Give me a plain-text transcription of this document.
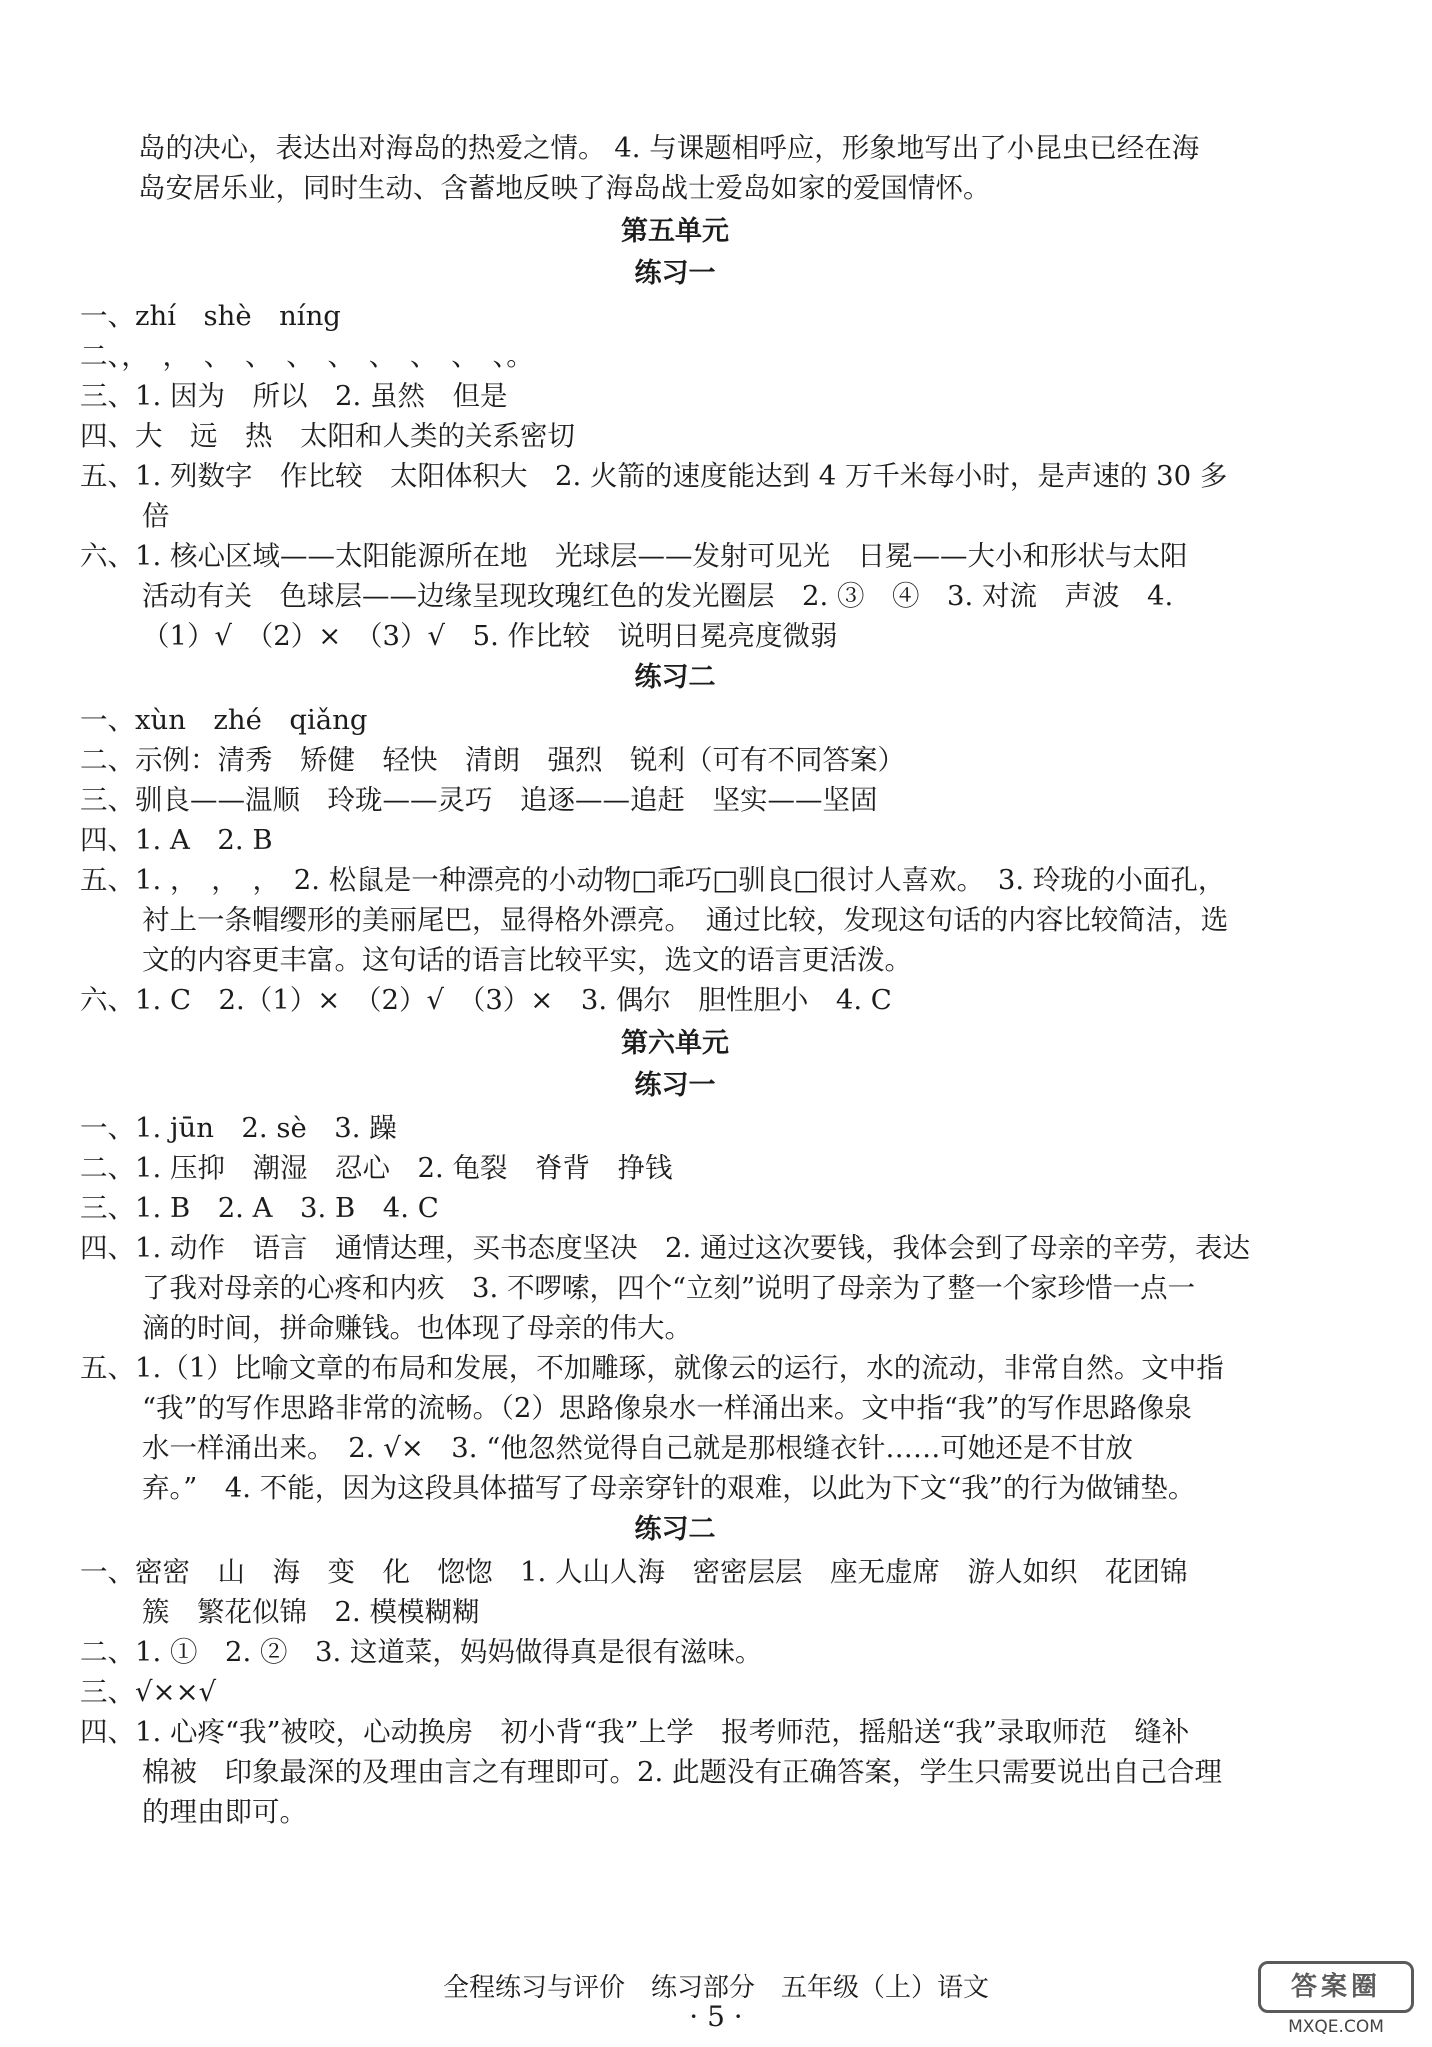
岛的决心，表达出对海岛的热爱之情。 4. 与课题相呼应，形象地写出了小昆虫已经在海
岛安居乐业，同时生动、含蓄地反映了海岛战士爱岛如家的爱国情怀。
第五单元
练习一
一、zhí　shè　níng
二、，　，　、　、　、　、　、　、　、　、。
三、1. 因为　所以　2. 虽然　但是
四、大　远　热　太阳和人类的关系密切
五、1. 列数字　作比较　太阳体积大　2. 火箭的速度能达到 4 万千米每小时，是声速的 30 多
倍
六、1. 核心区域——太阳能源所在地　光球层——发射可见光　日冕——大小和形状与太阳
活动有关　色球层——边缘呈现玫瑰红色的发光圈层　2. ③　④　3. 对流　声波　4.
（1）√　（2）×　（3）√　5. 作比较　说明日冕亮度微弱
练习二
一、xùn　zhé　qiǎng
二、示例：清秀　矫健　轻快　清朗　强烈　锐利（可有不同答案）
三、驯良——温顺　玲珑——灵巧　追逐——追赶　坚实——坚固
四、1. A　2. B
五、1. ，　，　，　2. 松鼠是一种漂亮的小动物□乖巧□驯良□很讨人喜欢。　3. 玲珑的小面孔，
衬上一条帽缨形的美丽尾巴，显得格外漂亮。　通过比较，发现这句话的内容比较简洁，选
文的内容更丰富。这句话的语言比较平实，选文的语言更活泼。
六、1. C　2.（1）×　（2）√　（3）×　3. 偶尔　胆性胆小　4. C
第六单元
练习一
一、1. jūn　2. sè　3. 躁
二、1. 压抑　潮湿　忍心　2. 龟裂　脊背　挣钱
三、1. B　2. A　3. B　4. C
四、1. 动作　语言　通情达理，买书态度坚决　2. 通过这次要钱，我体会到了母亲的辛劳，表达
了我对母亲的心疼和内疚　3. 不啰嗦，四个“立刻”说明了母亲为了整一个家珍惜一点一
滴的时间，拼命赚钱。也体现了母亲的伟大。
五、1.（1）比喻文章的布局和发展，不加雕琢，就像云的运行，水的流动，非常自然。文中指
“我”的写作思路非常的流畅。（2）思路像泉水一样涌出来。文中指“我”的写作思路像泉
水一样涌出来。　2. √×　3. “他忽然觉得自己就是那根缝衣针……可她还是不甘放
弃。”　4. 不能，因为这段具体描写了母亲穿针的艰难，以此为下文“我”的行为做铺垫。
练习二
一、密密　山　海　变　化　惚惚　1. 人山人海　密密层层　座无虚席　游人如织　花团锦
簇　繁花似锦　2. 模模糊糊
二、1. ①　2. ②　3. 这道菜，妈妈做得真是很有滋味。
三、√××√
四、1. 心疼“我”被咬，心动换房　初小背“我”上学　报考师范，摇船送“我”录取师范　缝补
棉被　印象最深的及理由言之有理即可。2. 此题没有正确答案，学生只需要说出自己合理
的理由即可。
全程练习与评价　练习部分　五年级（上）语文
· 5 ·
答案圈
MXQE.COM
